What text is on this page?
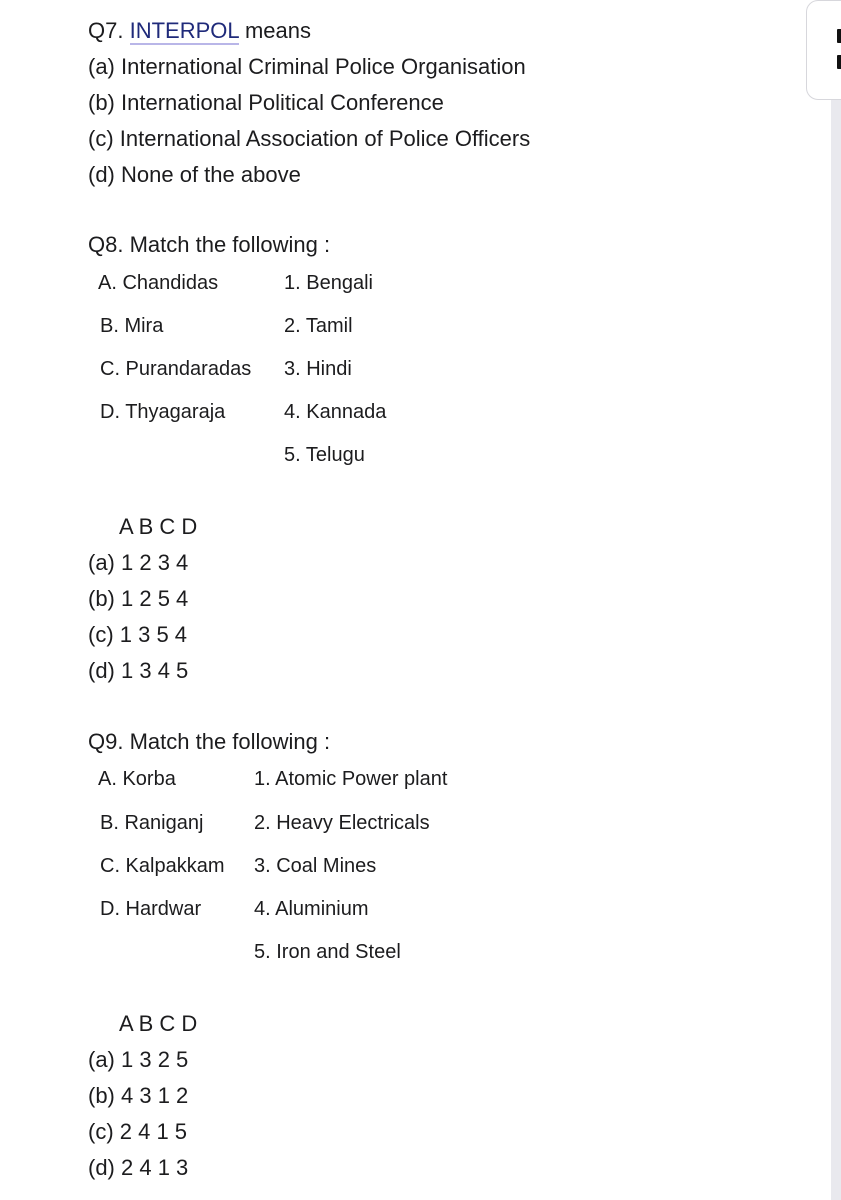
Q7. INTERPOL means
(a) International Criminal Police Organisation
(b) International Political Conference
(c) International Association of Police Officers
(d) None of the above
Q8. Match the following :
A. Chandidas
B. Mira
C. Purandaradas
D. Thyagaraja
1. Bengali
2. Tamil
3. Hindi
4. Kannada
5. Telugu
A B C D
(a) 1 2 3 4
(b) 1 2 5 4
(c) 1 3 5 4
(d) 1 3 4 5
Q9. Match the following :
A. Korba
B. Raniganj
C. Kalpakkam
D. Hardwar
1. Atomic Power plant
2. Heavy Electricals
3. Coal Mines
4. Aluminium
5. Iron and Steel
A B C D
(a) 1 3 2 5
(b) 4 3 1 2
(c) 2 4 1 5
(d) 2 4 1 3
